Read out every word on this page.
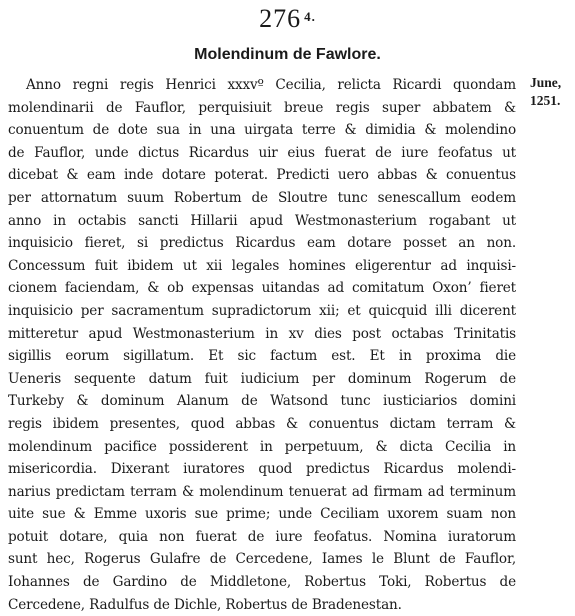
276 $^{4.}$
Molendinum de Fawlore.
June,
1251.
Anno regni regis Henrici xxxvº Cecilia, relicta Ricardi quondam
molendinarii de Fauflor, perquisiuit breue regis super abbatem &
conuentum de dote sua in una uirgata terre & dimidia & molendino
de Fauflor, unde dictus Ricardus uir eius fuerat de iure feofatus ut
dicebat & eam inde dotare poterat. Predicti uero abbas & conuentus
per attornatum suum Robertum de Sloutre tunc senescallum eodem
anno in octabis sancti Hillarii apud Westmonasterium rogabant ut
inquisicio fieret, si predictus Ricardus eam dotare posset an non.
Concessum fuit ibidem ut xii legales homines eligerentur ad inquisi-
cionem faciendam, & ob expensas uitandas ad comitatum Oxon’ fieret
inquisicio per sacramentum supradictorum xii; et quicquid illi dicerent
mitteretur apud Westmonasterium in xv dies post octabas Trinitatis
sigillis eorum sigillatum. Et sic factum est. Et in proxima die
Ueneris sequente datum fuit iudicium per dominum Rogerum de
Turkeby & dominum Alanum de Watsond tunc iusticiarios domini
regis ibidem presentes, quod abbas & conuentus dictam terram &
molendinum pacifice possiderent in perpetuum, & dicta Cecilia in
misericordia. Dixerant iuratores quod predictus Ricardus molendi-
narius predictam terram & molendinum tenuerat ad firmam ad terminum
uite sue & Emme uxoris sue prime; unde Ceciliam uxorem suam non
potuit dotare, quia non fuerat de iure feofatus. Nomina iuratorum
sunt hec, Rogerus Gulafre de Cercedene, Iames le Blunt de Fauflor,
Iohannes de Gardino de Middletone, Robertus Toki, Robertus de
Cercedene, Radulfus de Dichle, Robertus de Bradenestan.
